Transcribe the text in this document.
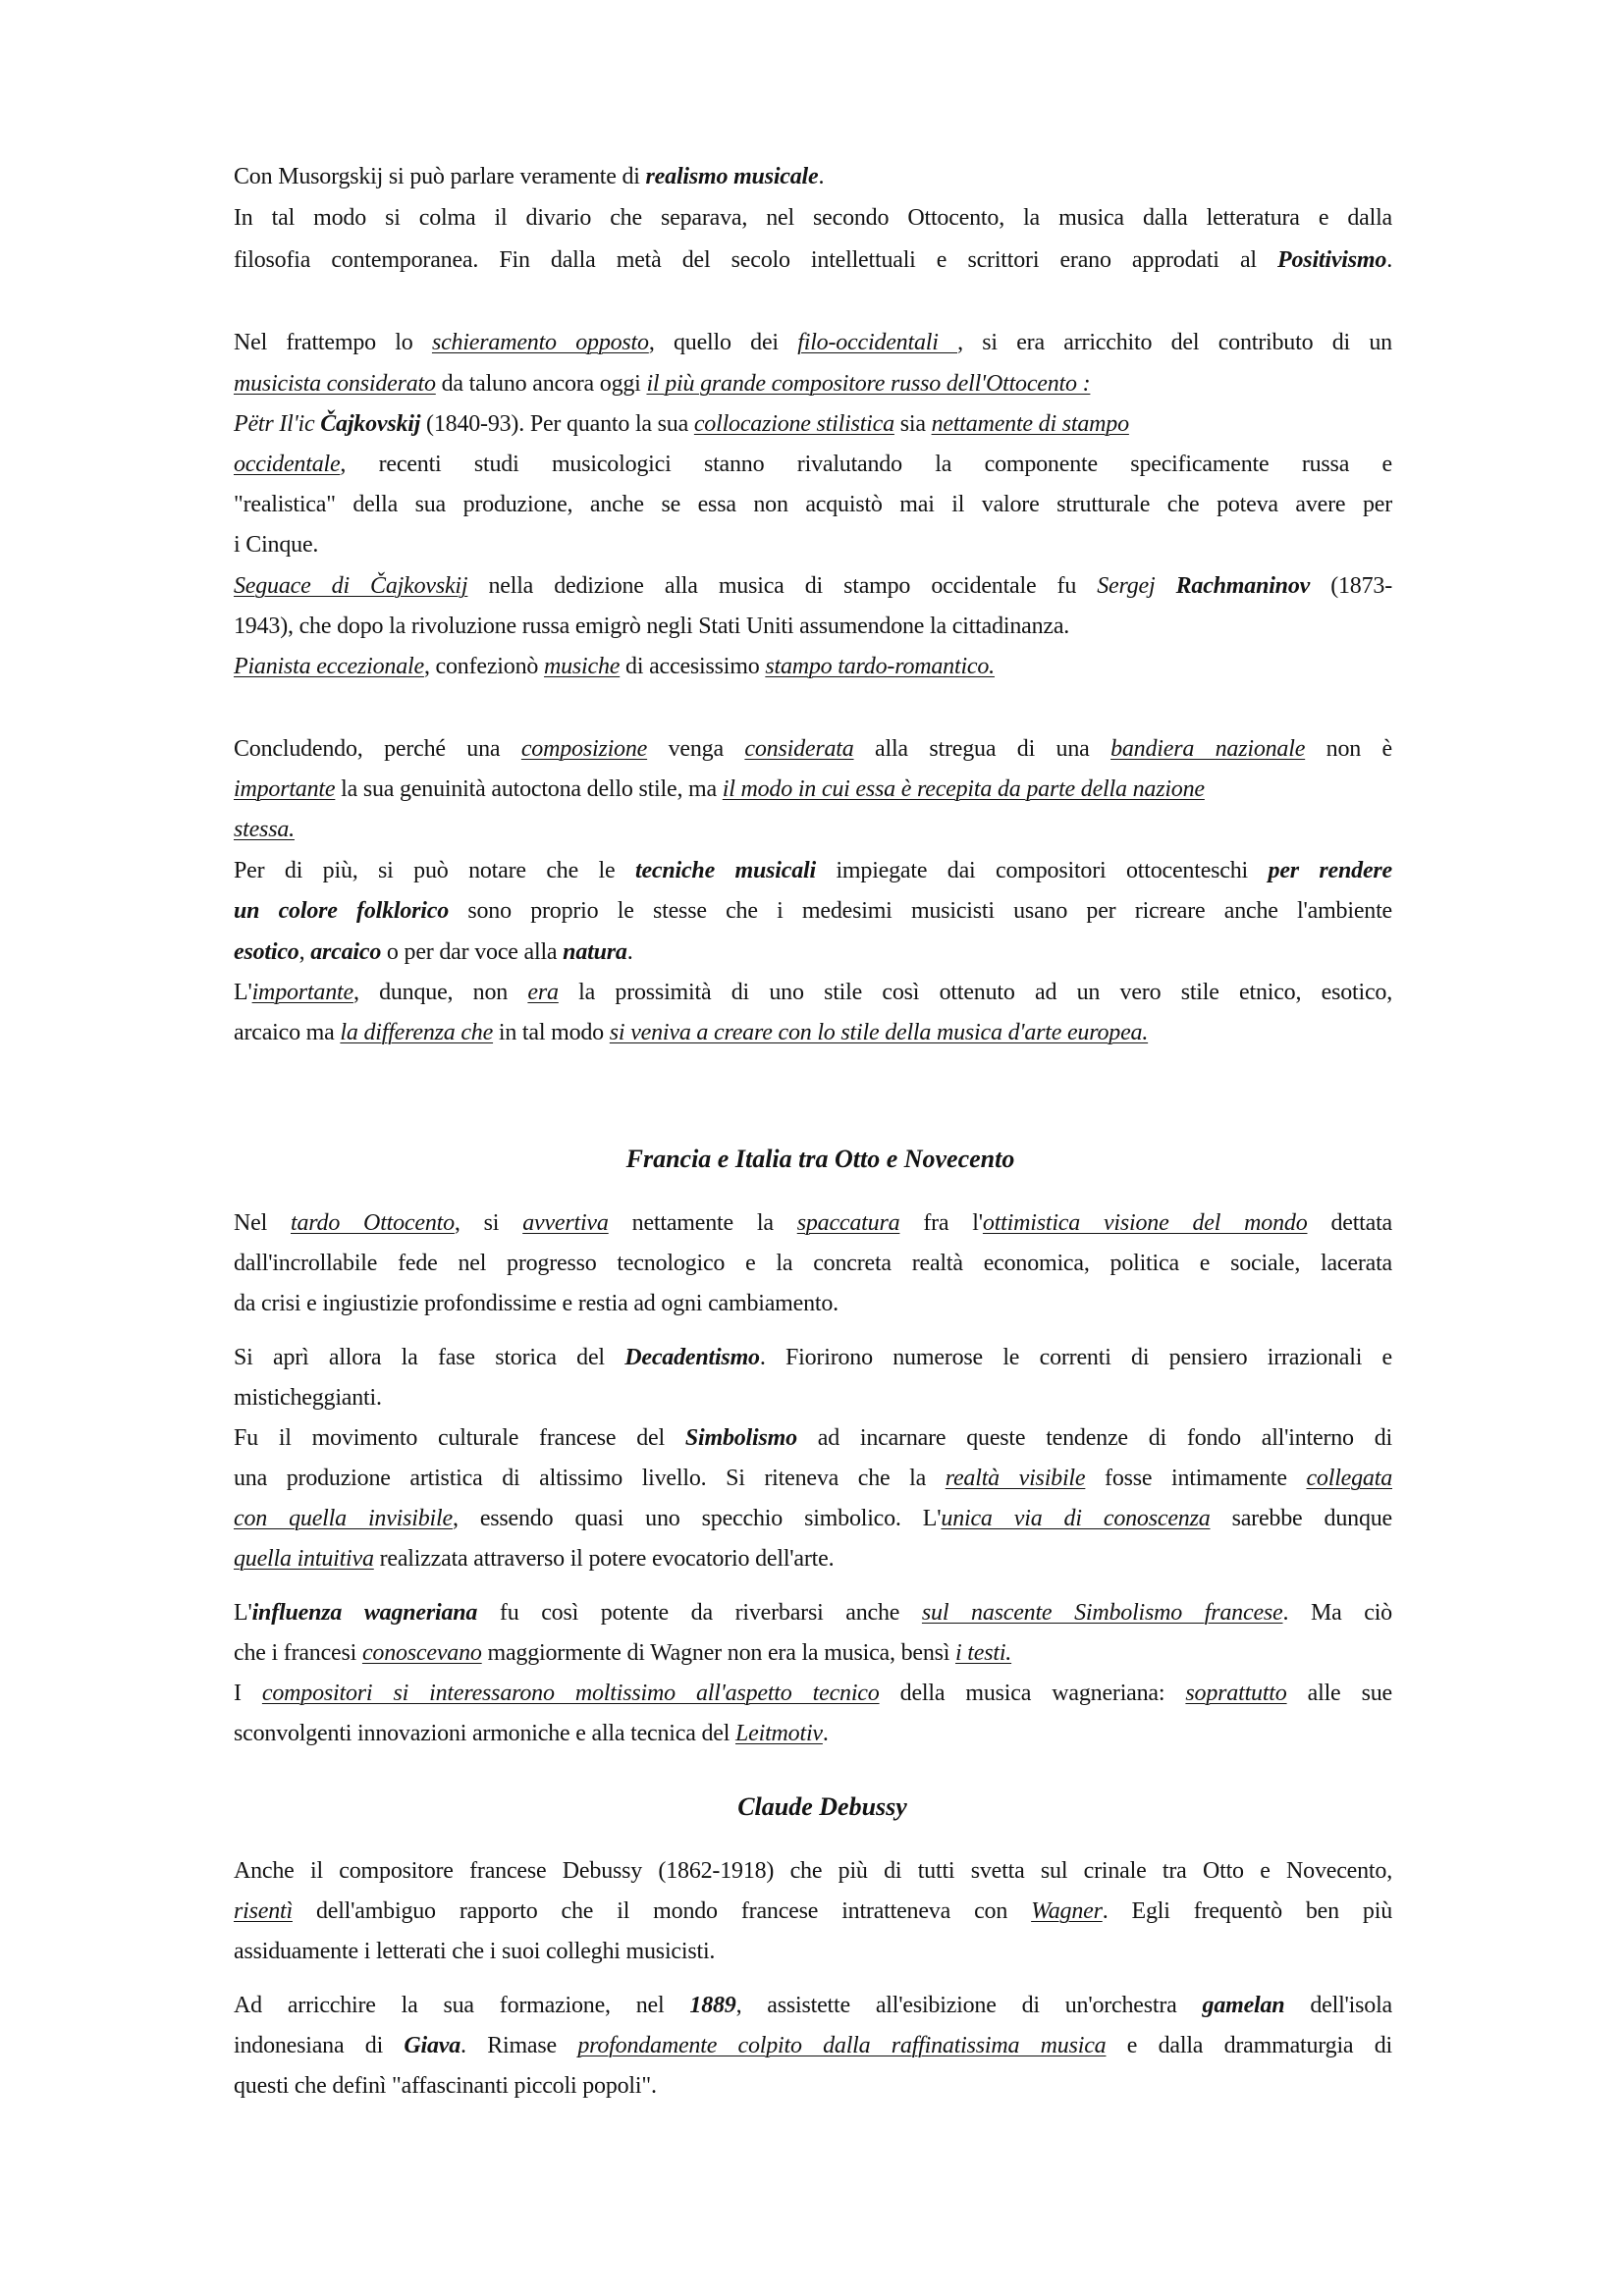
Con Musorgskij si può parlare veramente di realismo musicale.
In tal modo si colma il divario che separava, nel secondo Ottocento, la musica dalla letteratura e dalla
filosofia contemporanea. Fin dalla metà del secolo intellettuali e scrittori erano approdati al Positivismo.
Nel frattempo lo schieramento opposto, quello dei filo-occidentali , si era arricchito del contributo di un
musicista considerato da taluno ancora oggi il più grande compositore russo dell'Ottocento :
Pëtr Il'ic Čajkovskij (1840-93). Per quanto la sua collocazione stilistica sia nettamente di stampo
occidentale, recenti studi musicologici stanno rivalutando la componente specificamente russa e
"realistica" della sua produzione, anche se essa non acquistò mai il valore strutturale che poteva avere per
i Cinque.
Seguace di Čajkovskij nella dedizione alla musica di stampo occidentale fu Sergej Rachmaninov (1873-
1943), che dopo la rivoluzione russa emigrò negli Stati Uniti assumendone la cittadinanza.
Pianista eccezionale, confezionò musiche di accesissimo stampo tardo-romantico.
Concludendo, perché una composizione venga considerata alla stregua di una bandiera nazionale non è
importante la sua genuinità autoctona dello stile, ma il modo in cui essa è recepita da parte della nazione
stessa.
Per di più, si può notare che le tecniche musicali impiegate dai compositori ottocenteschi per rendere
un colore folklorico sono proprio le stesse che i medesimi musicisti usano per ricreare anche l'ambiente
esotico, arcaico o per dar voce alla natura.
L'importante, dunque, non era la prossimità di uno stile così ottenuto ad un vero stile etnico, esotico,
arcaico ma la differenza che in tal modo si veniva a creare con lo stile della musica d'arte europea.
Francia e Italia tra Otto e Novecento
Nel tardo Ottocento, si avvertiva nettamente la spaccatura fra l'ottimistica visione del mondo dettata
dall'incrollabile fede nel progresso tecnologico e la concreta realtà economica, politica e sociale, lacerata
da crisi e ingiustizie profondissime e restia ad ogni cambiamento.
Si aprì allora la fase storica del Decadentismo. Fiorirono numerose le correnti di pensiero irrazionali e
misticheggianti.
Fu il movimento culturale francese del Simbolismo ad incarnare queste tendenze di fondo all'interno di
una produzione artistica di altissimo livello. Si riteneva che la realtà visibile fosse intimamente collegata
con quella invisibile, essendo quasi uno specchio simbolico. L'unica via di conoscenza sarebbe dunque
quella intuitiva realizzata attraverso il potere evocatorio dell'arte.
L'influenza wagneriana fu così potente da riverbarsi anche sul nascente Simbolismo francese. Ma ciò
che i francesi conoscevano maggiormente di Wagner non era la musica, bensì i testi.
I compositori si interessarono moltissimo all'aspetto tecnico della musica wagneriana: soprattutto alle sue
sconvolgenti innovazioni armoniche e alla tecnica del Leitmotiv.
Claude Debussy
Anche il compositore francese Debussy (1862-1918) che più di tutti svetta sul crinale tra Otto e Novecento,
risentì dell'ambiguo rapporto che il mondo francese intratteneva con Wagner. Egli frequentò ben più
assiduamente i letterati che i suoi colleghi musicisti.
Ad arricchire la sua formazione, nel 1889, assistette all'esibizione di un'orchestra gamelan dell'isola
indonesiana di Giava. Rimase profondamente colpito dalla raffinatissima musica e dalla drammaturgia di
questi che definì "affascinanti piccoli popoli".
